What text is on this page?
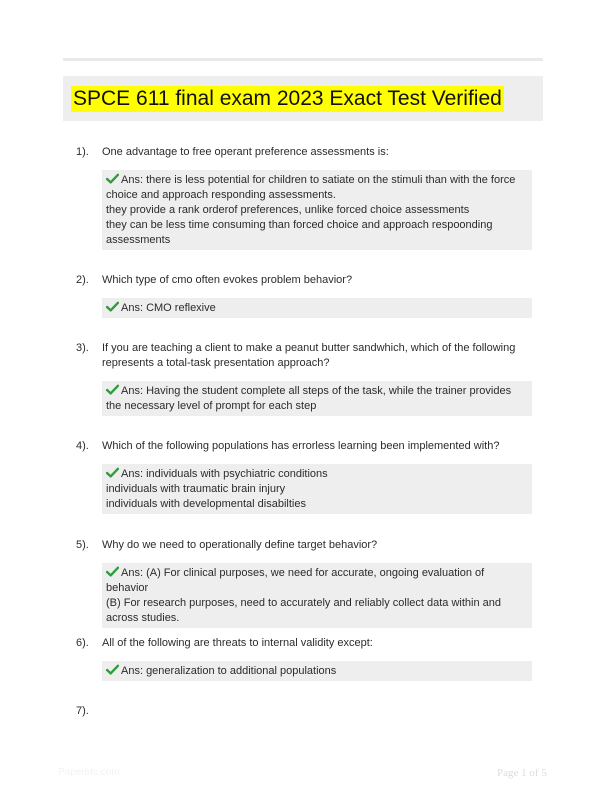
SPCE 611 final exam 2023 Exact Test Verified
1). One advantage to free operant preference assessments is:
Ans: there is less potential for children to satiate on the stimuli than with the force choice and approach responding assessments.
they provide a rank orderof preferences, unlike forced choice assessments
they can be less time consuming than forced choice and approach respoonding assessments
2). Which type of cmo often evokes problem behavior?
Ans: CMO reflexive
3). If you are teaching a client to make a peanut butter sandwhich, which of the following represents a total-task presentation approach?
Ans: Having the student complete all steps of the task, while the trainer provides the necessary level of prompt for each step
4). Which of the following populations has errorless learning been implemented with?
Ans: individuals with psychiatric conditions
individuals with traumatic brain injury
individuals with developmental disabilties
5). Why do we need to operationally define target behavior?
Ans: (A) For clinical purposes, we need for accurate, ongoing evaluation of behavior
(B) For research purposes, need to accurately and reliably collect data within and across studies.
6). All of the following are threats to internal validity except:
Ans: generalization to additional populations
7).
Paperbtc.com	Page 1 of 5
